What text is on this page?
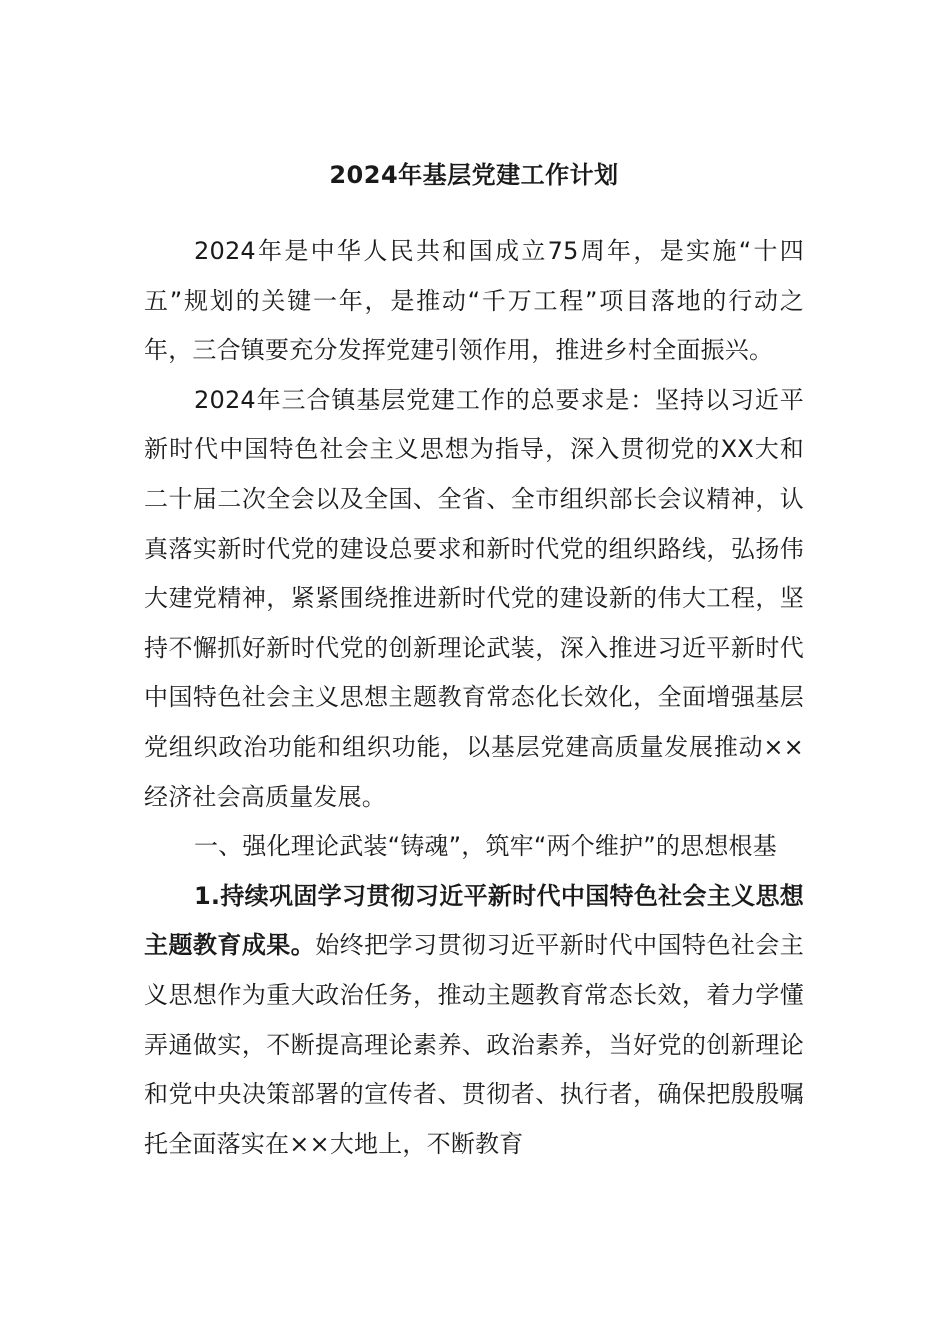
2024年基层党建工作计划

2024年是中华人民共和国成立75周年，是实施“十四五”规划的关键一年，是推动“千万工程”项目落地的行动之年，三合镇要充分发挥党建引领作用，推进乡村全面振兴。

2024年三合镇基层党建工作的总要求是：坚持以习近平新时代中国特色社会主义思想为指导，深入贯彻党的XX大和二十届二次全会以及全国、全省、全市组织部长会议精神，认真落实新时代党的建设总要求和新时代党的组织路线，弘扬伟大建党精神，紧紧围绕推进新时代党的建设新的伟大工程，坚持不懈抓好新时代党的创新理论武装，深入推进习近平新时代中国特色社会主义思想主题教育常态化长效化，全面增强基层党组织政治功能和组织功能，以基层党建高质量发展推动××经济社会高质量发展。

一、强化理论武装“铸魂”，筑牢“两个维护”的思想根基

1.持续巩固学习贯彻习近平新时代中国特色社会主义思想主题教育成果。始终把学习贯彻习近平新时代中国特色社会主义思想作为重大政治任务，推动主题教育常态长效，着力学懂弄通做实，不断提高理论素养、政治素养，当好党的创新理论和党中央决策部署的宣传者、贯彻者、执行者，确保把殷殷嘱托全面落实在××大地上，不断教育
